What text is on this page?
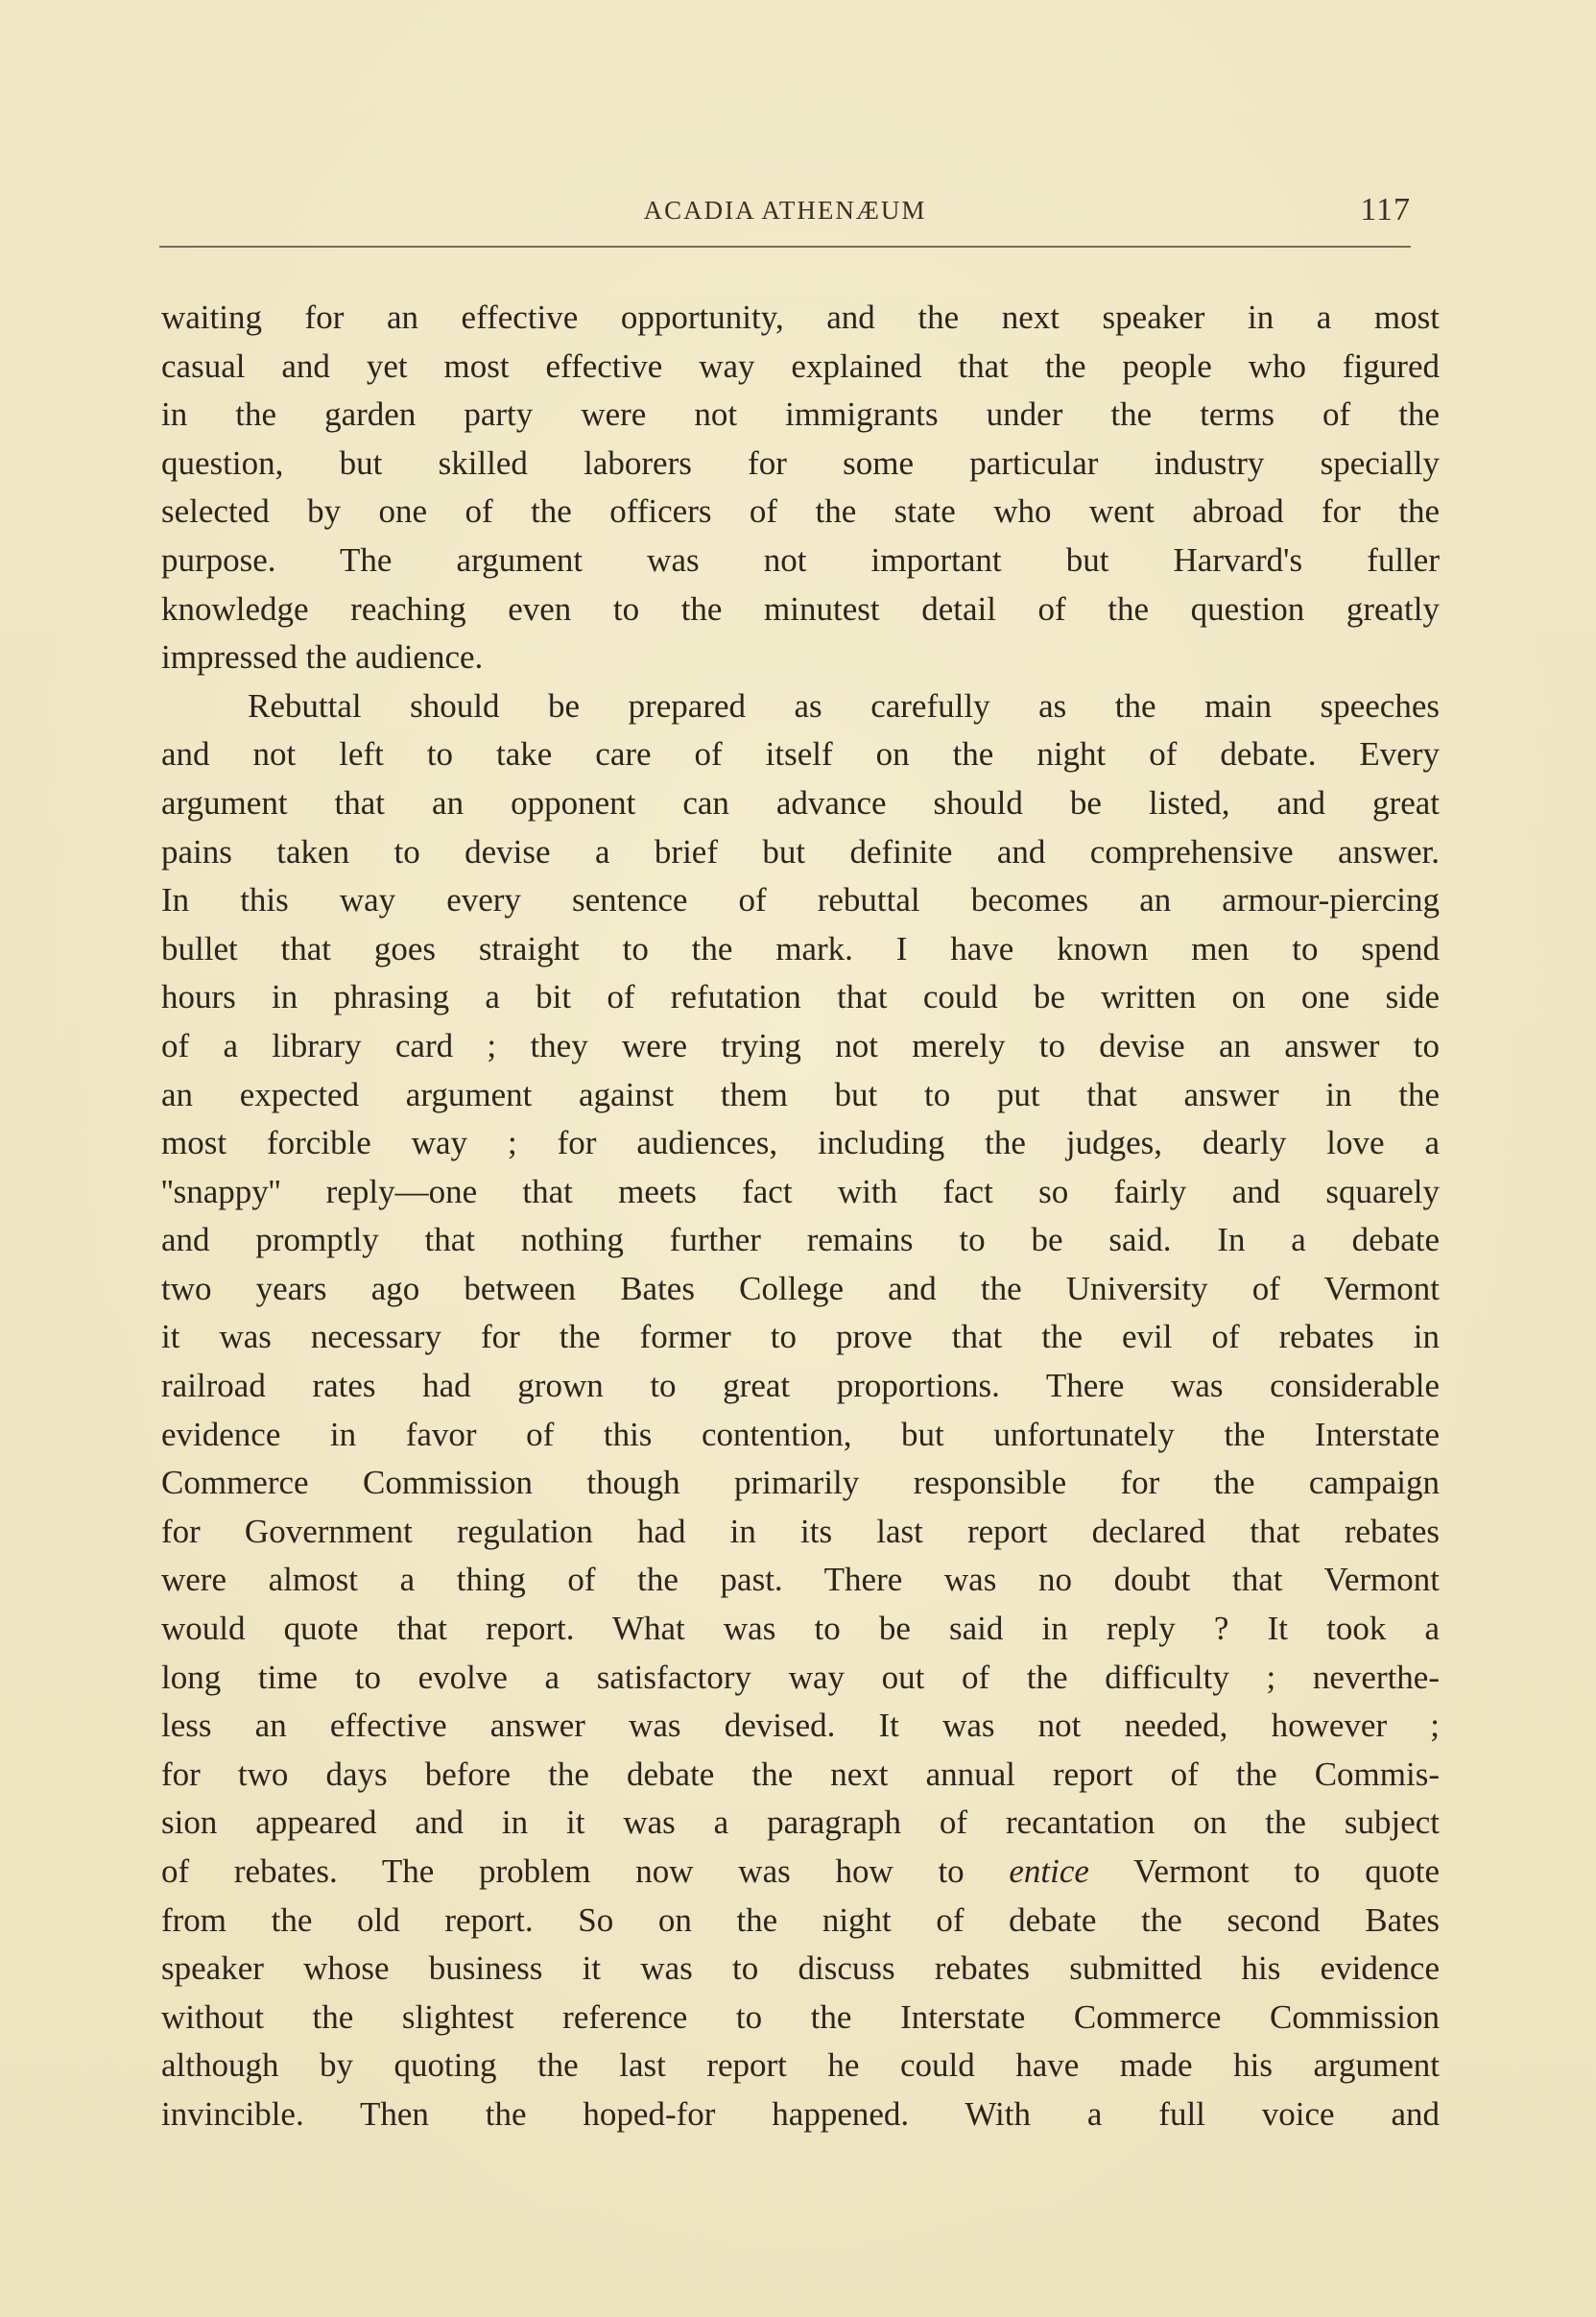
ACADIA ATHENÆUM	117
waiting for an effective opportunity, and the next speaker in a most
casual and yet most effective way explained that the people who figured
in the garden party were not immigrants under the terms of the
question, but skilled laborers for some particular industry specially
selected by one of the officers of the state who went abroad for the
purpose. The argument was not important but Harvard's fuller
knowledge reaching even to the minutest detail of the question greatly
impressed the audience.
Rebuttal should be prepared as carefully as the main speeches
and not left to take care of itself on the night of debate. Every
argument that an opponent can advance should be listed, and great
pains taken to devise a brief but definite and comprehensive answer.
In this way every sentence of rebuttal becomes an armour-piercing
bullet that goes straight to the mark. I have known men to spend
hours in phrasing a bit of refutation that could be written on one side
of a library card ; they were trying not merely to devise an answer to
an expected argument against them but to put that answer in the
most forcible way ; for audiences, including the judges, dearly love a
''snappy'' reply—one that meets fact with fact so fairly and squarely
and promptly that nothing further remains to be said. In a debate
two years ago between Bates College and the University of Vermont
it was necessary for the former to prove that the evil of rebates in
railroad rates had grown to great proportions. There was considerable
evidence in favor of this contention, but unfortunately the Interstate
Commerce Commission though primarily responsible for the campaign
for Government regulation had in its last report declared that rebates
were almost a thing of the past. There was no doubt that Vermont
would quote that report. What was to be said in reply ? It took a
long time to evolve a satisfactory way out of the difficulty ; neverthe-
less an effective answer was devised. It was not needed, however ;
for two days before the debate the next annual report of the Commis-
sion appeared and in it was a paragraph of recantation on the subject
of rebates. The problem now was how to entice Vermont to quote
from the old report. So on the night of debate the second Bates
speaker whose business it was to discuss rebates submitted his evidence
without the slightest reference to the Interstate Commerce Commission
although by quoting the last report he could have made his argument
invincible. Then the hoped-for happened. With a full voice and
